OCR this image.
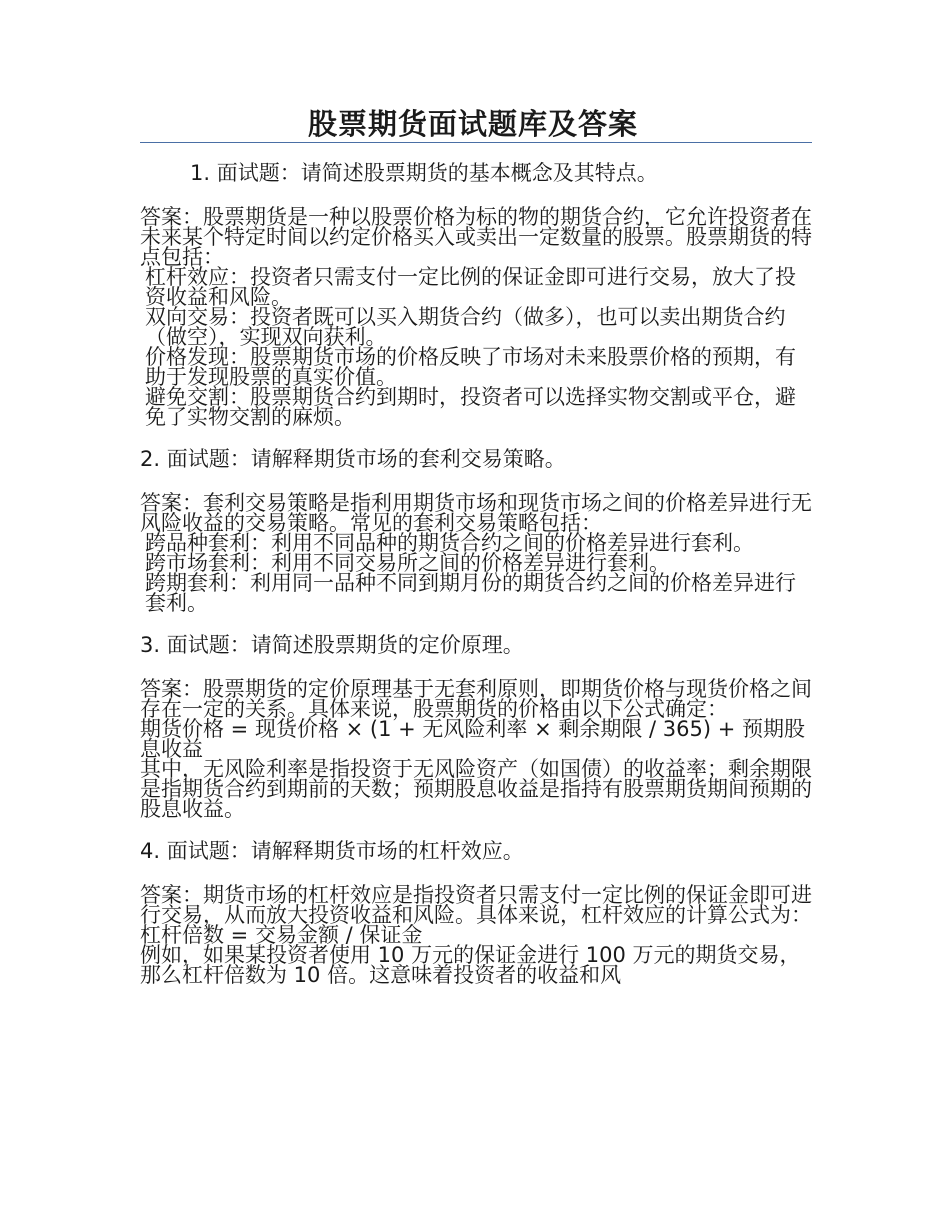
股票期货面试题库及答案
1. 面试题：请简述股票期货的基本概念及其特点。

答案：股票期货是一种以股票价格为标的物的期货合约，它允许投资者在未来某个特定时间以约定价格买入或卖出一定数量的股票。股票期货的特点包括：

杠杆效应：投资者只需支付一定比例的保证金即可进行交易，放大了投资收益和风险。

双向交易：投资者既可以买入期货合约（做多），也可以卖出期货合约（做空），实现双向获利。

价格发现：股票期货市场的价格反映了市场对未来股票价格的预期，有助于发现股票的真实价值。

避免交割：股票期货合约到期时，投资者可以选择实物交割或平仓，避免了实物交割的麻烦。

2. 面试题：请解释期货市场的套利交易策略。

答案：套利交易策略是指利用期货市场和现货市场之间的价格差异进行无风险收益的交易策略。常见的套利交易策略包括：

跨品种套利：利用不同品种的期货合约之间的价格差异进行套利。

跨市场套利：利用不同交易所之间的价格差异进行套利。

跨期套利：利用同一品种不同到期月份的期货合约之间的价格差异进行套利。

3. 面试题：请简述股票期货的定价原理。

答案：股票期货的定价原理基于无套利原则，即期货价格与现货价格之间存在一定的关系。具体来说，股票期货的价格由以下公式确定：

期货价格 = 现货价格 × (1 + 无风险利率 × 剩余期限 / 365) + 预期股息收益

其中，无风险利率是指投资于无风险资产（如国债）的收益率；剩余期限是指期货合约到期前的天数；预期股息收益是指持有股票期货期间预期的股息收益。

4. 面试题：请解释期货市场的杠杆效应。

答案：期货市场的杠杆效应是指投资者只需支付一定比例的保证金即可进行交易，从而放大投资收益和风险。具体来说，杠杆效应的计算公式为：

杠杆倍数 = 交易金额 / 保证金

例如，如果某投资者使用 10 万元的保证金进行 100 万元的期货交易，那么杠杆倍数为 10 倍。这意味着投资者的收益和风
